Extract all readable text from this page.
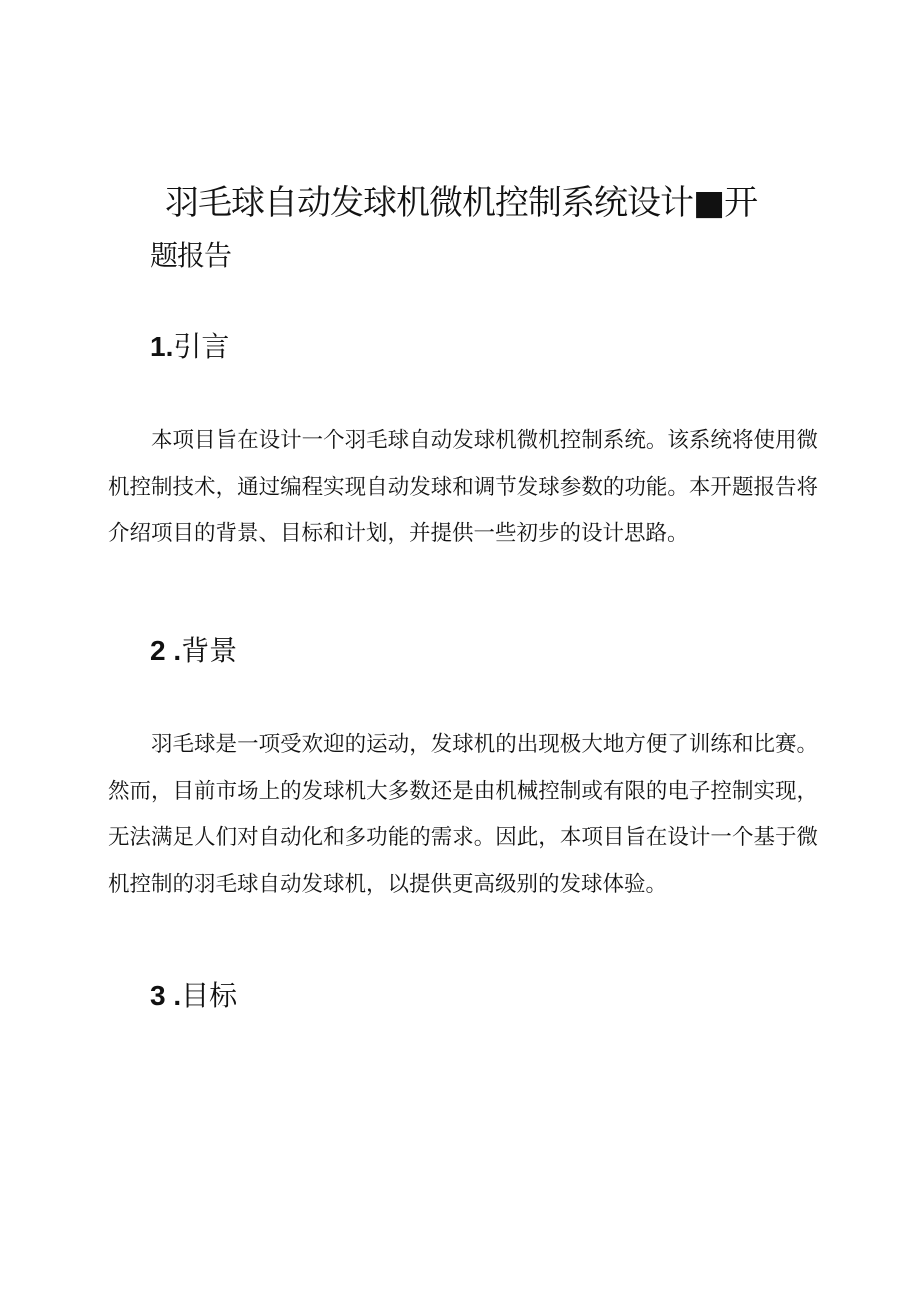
羽毛球自动发球机微机控制系统设计■开
题报告
1.引言

本项目旨在设计一个羽毛球自动发球机微机控制系统。该系统将使用微机控制技术，通过编程实现自动发球和调节发球参数的功能。本开题报告将介绍项目的背景、目标和计划，并提供一些初步的设计思路。

2 .背景

羽毛球是一项受欢迎的运动，发球机的出现极大地方便了训练和比赛。然而，目前市场上的发球机大多数还是由机械控制或有限的电子控制实现，无法满足人们对自动化和多功能的需求。因此，本项目旨在设计一个基于微机控制的羽毛球自动发球机，以提供更高级别的发球体验。

3 .目标
